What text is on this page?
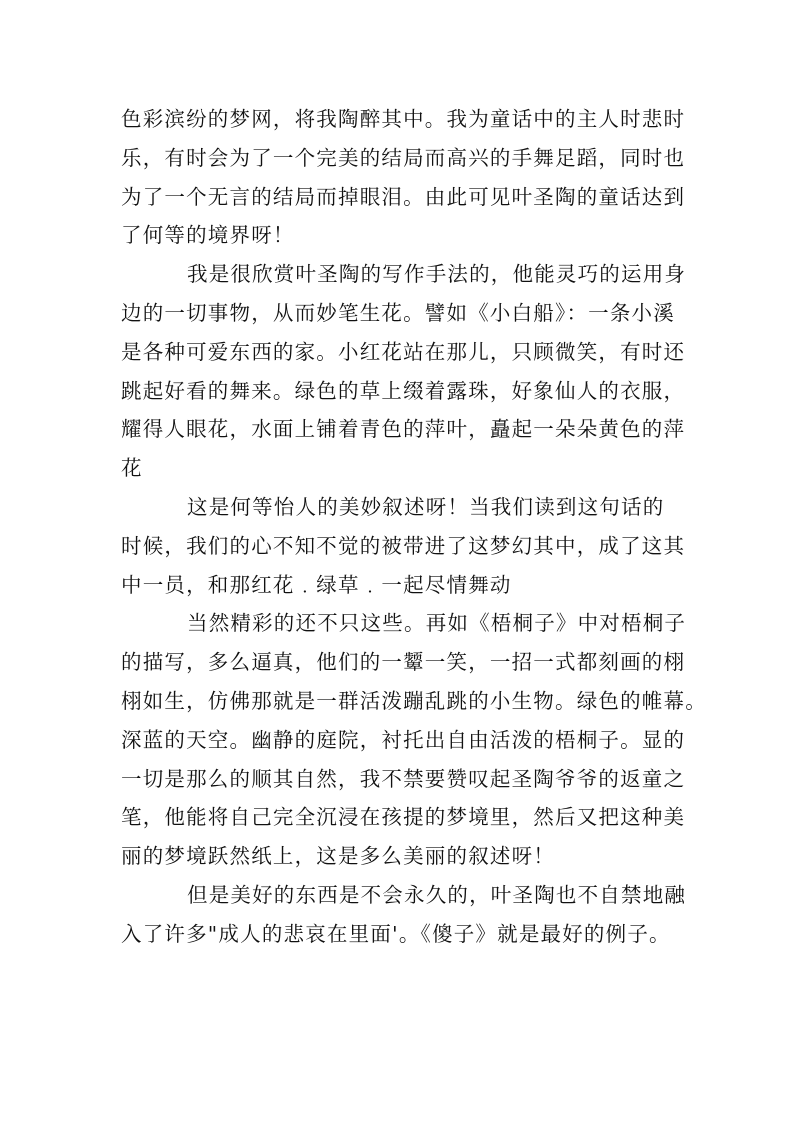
色彩滨纷的梦网，将我陶醉其中。我为童话中的主人时悲时
乐，有时会为了一个完美的结局而高兴的手舞足蹈，同时也
为了一个无言的结局而掉眼泪。由此可见叶圣陶的童话达到
了何等的境界呀！
我是很欣赏叶圣陶的写作手法的，他能灵巧的运用身
边的一切事物，从而妙笔生花。譬如《小白船》：一条小溪
是各种可爱东西的家。小红花站在那儿，只顾微笑，有时还
跳起好看的舞来。绿色的草上缀着露珠，好象仙人的衣服，
耀得人眼花，水面上铺着青色的萍叶，矗起一朵朵黄色的萍
花
这是何等怡人的美妙叙述呀！当我们读到这句话的
时候，我们的心不知不觉的被带进了这梦幻其中，成了这其
中一员，和那红花﹒绿草﹒一起尽情舞动
当然精彩的还不只这些。再如《梧桐子》中对梧桐子
的描写，多么逼真，他们的一颦一笑，一招一式都刻画的栩
栩如生，仿佛那就是一群活泼蹦乱跳的小生物。绿色的帷幕。
深蓝的天空。幽静的庭院，衬托出自由活泼的梧桐子。显的
一切是那么的顺其自然，我不禁要赞叹起圣陶爷爷的返童之
笔，他能将自己完全沉浸在孩提的梦境里，然后又把这种美
丽的梦境跃然纸上，这是多么美丽的叙述呀！
但是美好的东西是不会永久的，叶圣陶也不自禁地融
入了许多"成人的悲哀在里面'。《傻子》就是最好的例子。
